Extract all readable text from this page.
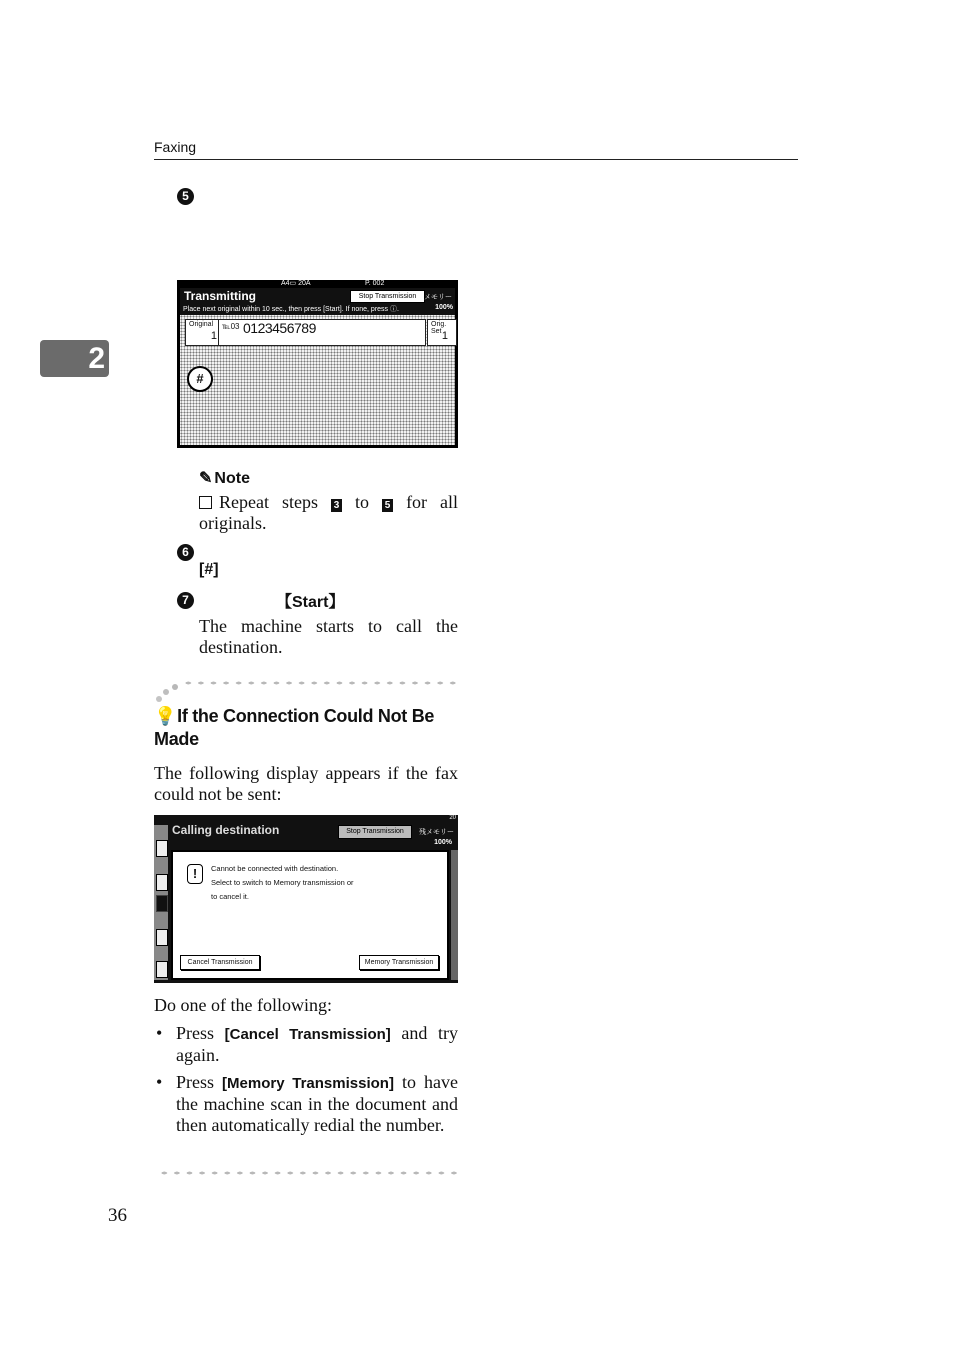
Faxing
2
5
A4▭ 20A	P. 002
Transmitting	Stop Transmission 残メモリー
Place next original within 10 sec., then press [Start]. If none, press ⓘ.	100%
Original
1
℡03 0123456789	Orig. Set 1
#
✎ Note
Repeat steps 3 to 5 for all originals.
6
[#]
7	【Start】
The machine starts to call the destination.
💡If the Connection Could Not Be Made
The following display appears if the fax could not be sent:
20
Calling destination	Stop Transmission	残メモリー
100%
!	Cannot be connected with destination.
Select to switch to Memory transmission or
to cancel it.
Cancel Transmission	Memory Transmission
Do one of the following:
• Press [Cancel Transmission] and try again.
• Press [Memory Transmission] to have the machine scan in the document and then automatically redial the number.
36
